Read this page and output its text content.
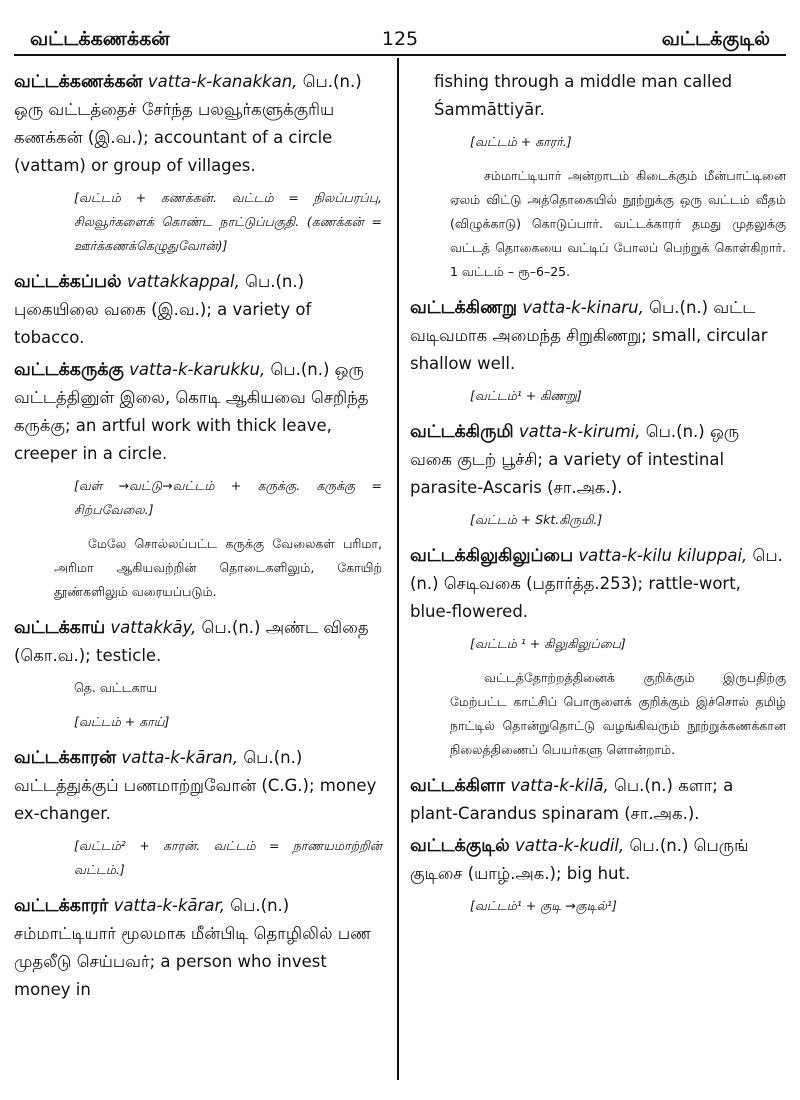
வட்டக்கணக்கன்	125	வட்டக்குடில்
வட்டக்கணக்கன் vatta-k-kanakkan, பெ.(n.) ஒரு வட்டத்தைச் சேர்ந்த பலவூர்களுக்குரிய கணக்கன் (இ.வ.); accountant of a circle (vattam) or group of villages.
[வட்டம் + கணக்கன். வட்டம் = நிலப்பரப்பு, சிலவூர்களைக் கொண்ட நாட்டுப்பகுதி. (கணக்கன் = ஊர்க்கணக்கெழுதுவோன்)]
வட்டக்கப்பல் vattakkappal, பெ.(n.) புகையிலை வகை (இ.வ.); a variety of tobacco.
வட்டக்கருக்கு vatta-k-karukku, பெ.(n.) ஒரு வட்டத்தினுள் இலை, கொடி ஆகியவை செறிந்த கருக்கு; an artful work with thick leave, creeper in a circle.
[வள் →வட்டு→வட்டம் + கருக்கு. கருக்கு = சிற்பவேலை.]
மேலே சொல்லப்பட்ட கருக்கு வேலைகள் பரிமா, அரிமா ஆகியவற்றின் தொடைகளிலும், கோயிற் தூண்களிலும் வரையப்படும்.
வட்டக்காய் vattakkāy, பெ.(n.) அண்ட விதை (கொ.வ.); testicle.
தெ. வட்டகாய
[வட்டம் + காய்]
வட்டக்காரன் vatta-k-kāran, பெ.(n.) வட்டத்துக்குப் பணமாற்றுவோன் (C.G.); money ex-changer.
[வட்டம்² + காரன். வட்டம் = நாணயமாற்றின் வட்டம்.]
வட்டக்காரர் vatta-k-kārar, பெ.(n.) சம்மாட்டியார் மூலமாக மீன்பிடி தொழிலில் பண முதலீடு செய்பவர்; a person who invest money in
fishing through a middle man called Śammāttiyār.
[வட்டம் + காரர்.]
சம்மாட்டியார் அன்றாடம் கிடைக்கும் மீன்பாட்டினை ஏலம் விட்டு அத்தொகையில் நூற்றுக்கு ஒரு வட்டம் வீதம் (விழுக்காடு) கொடுப்பார். வட்டக்காரர் தமது முதலுக்கு வட்டத் தொகையை வட்டிப் போலப் பெற்றுக் கொள்கிறார். 1 வட்டம் – ரூ–6–25.
வட்டக்கிணறு vatta-k-kinaru, பெ.(n.) வட்ட வடிவமாக அமைந்த சிறுகிணறு; small, circular shallow well.
[வட்டம்¹ + கிணறு]
வட்டக்கிருமி vatta-k-kirumi, பெ.(n.) ஒரு வகை குடற் பூச்சி; a variety of intestinal parasite-Ascaris (சா.அக.).
[வட்டம் + Skt.கிருமி.]
வட்டக்கிலுகிலுப்பை vatta-k-kilu kiluppai, பெ.(n.) செடிவகை (பதார்த்த.253); rattle-wort, blue-flowered.
[வட்டம் ¹ + கிலுகிலுப்பை]
வட்டத்தோற்றத்தினைக் குறிக்கும் இருபதிற்கு மேற்பட்ட காட்சிப் பொருளைக் குறிக்கும் இச்சொல் தமிழ் நாட்டில் தொன்றுதொட்டு வழங்கிவரும் நூற்றுக்கணக்கான நிலைத்திணைப் பெயர்களு ளொன்றாம்.
வட்டக்கிளா vatta-k-kilā, பெ.(n.) களா; a plant-Carandus spinaram (சா.அக.).
வட்டக்குடில் vatta-k-kudil, பெ.(n.) பெருங் குடிசை (யாழ்.அக.); big hut.
[வட்டம்¹ + குடி →குடில்¹]
